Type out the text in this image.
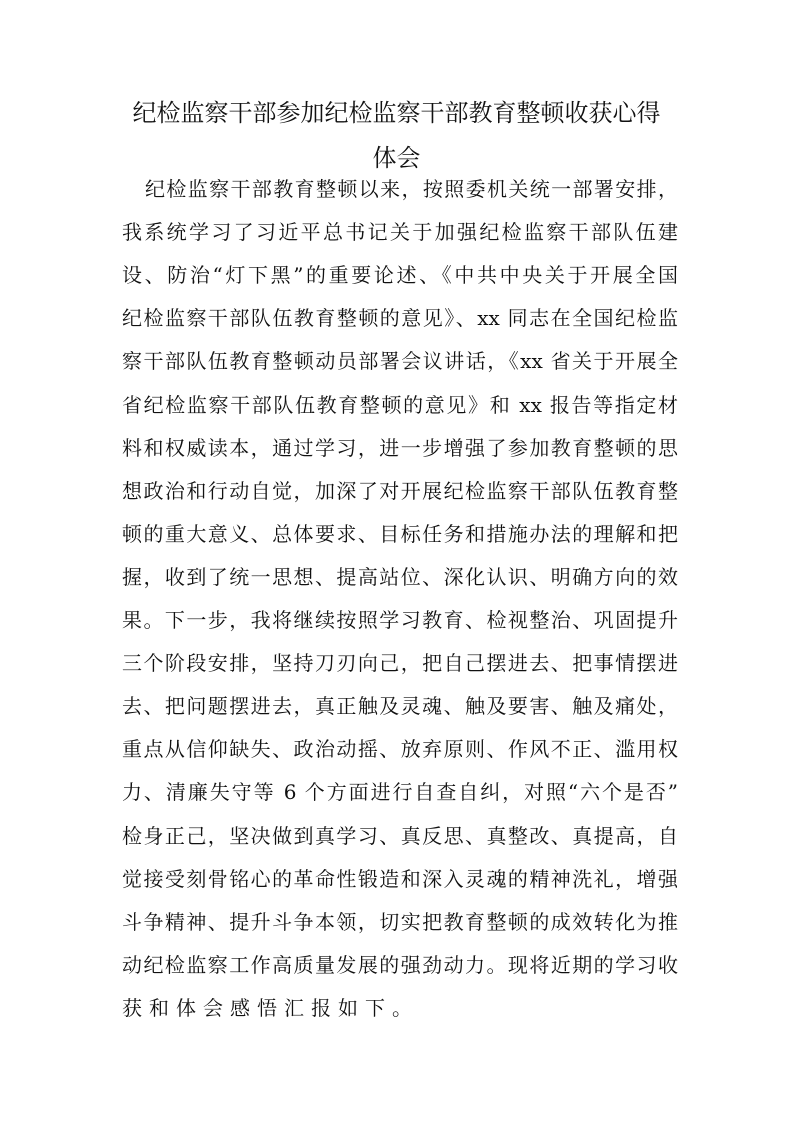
纪检监察干部参加纪检监察干部教育整顿收获心得
体会
纪检监察干部教育整顿以来，按照委机关统一部署安排，
我系统学习了习近平总书记关于加强纪检监察干部队伍建
设、防治“灯下黑”的重要论述、《中共中央关于开展全国
纪检监察干部队伍教育整顿的意见》、xx 同志在全国纪检监
察干部队伍教育整顿动员部署会议讲话，《xx 省关于开展全
省纪检监察干部队伍教育整顿的意见》和 xx 报告等指定材
料和权威读本，通过学习，进一步增强了参加教育整顿的思
想政治和行动自觉，加深了对开展纪检监察干部队伍教育整
顿的重大意义、总体要求、目标任务和措施办法的理解和把
握，收到了统一思想、提高站位、深化认识、明确方向的效
果。下一步，我将继续按照学习教育、检视整治、巩固提升
三个阶段安排，坚持刀刃向己，把自己摆进去、把事情摆进
去、把问题摆进去，真正触及灵魂、触及要害、触及痛处，
重点从信仰缺失、政治动摇、放弃原则、作风不正、滥用权
力、清廉失守等 6 个方面进行自查自纠，对照“六个是否”
检身正己，坚决做到真学习、真反思、真整改、真提高，自
觉接受刻骨铭心的革命性锻造和深入灵魂的精神洗礼，增强
斗争精神、提升斗争本领，切实把教育整顿的成效转化为推
动纪检监察工作高质量发展的强劲动力。现将近期的学习收
获和体会感悟汇报如下。
